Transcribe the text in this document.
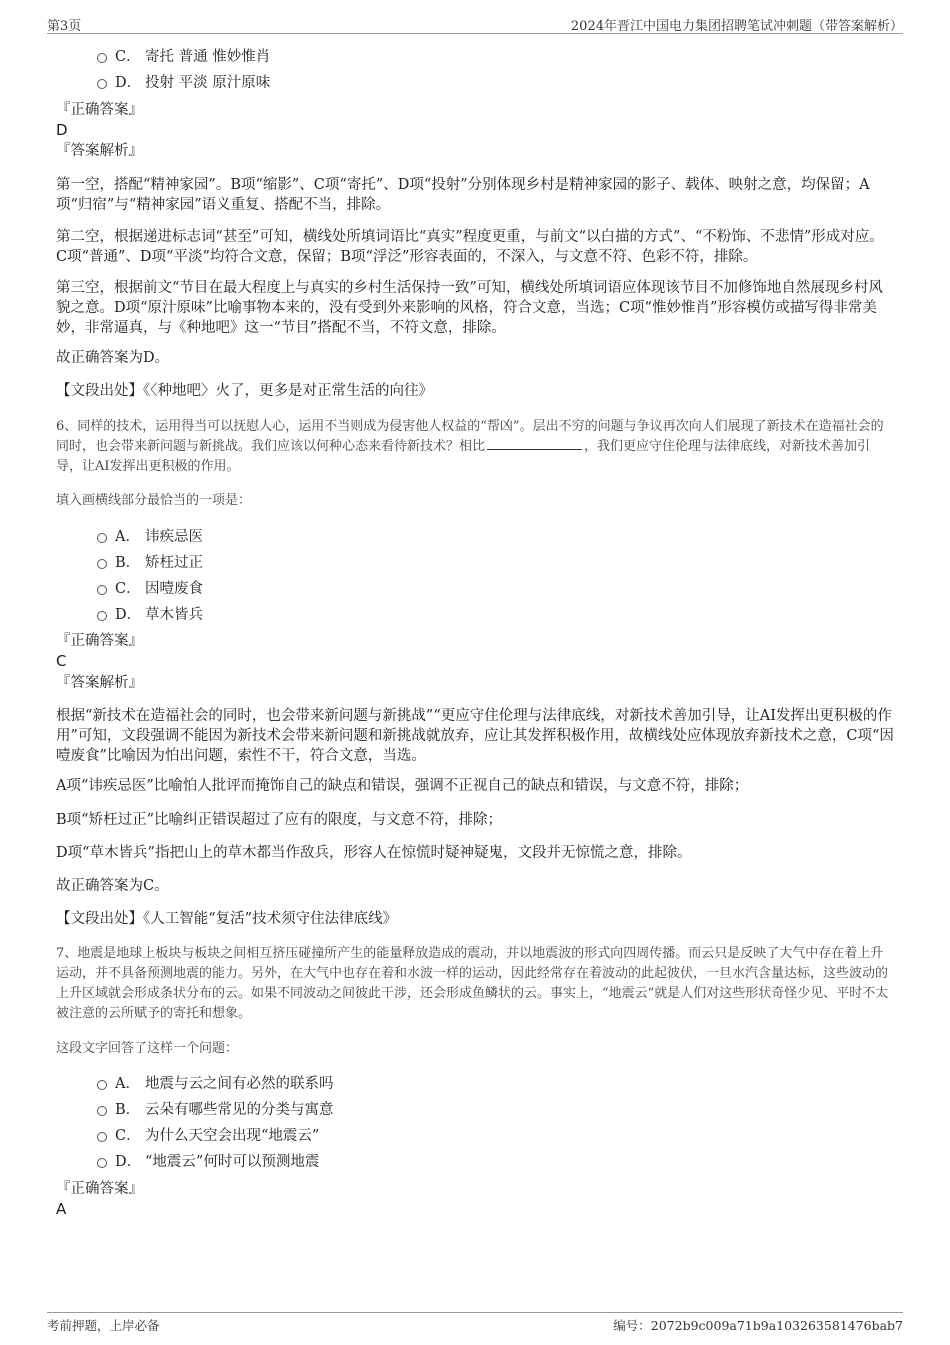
第3页	2024年晋江中国电力集团招聘笔试冲刺题（带答案解析）
C． 寄托 普通 惟妙惟肖
D． 投射 平淡 原汁原味
『正确答案』
D
『答案解析』
第一空，搭配“精神家园”。B项“缩影”、C项“寄托”、D项“投射”分别体现乡村是精神家园的影子、载体、映射之意，均保留；A项“归宿”与“精神家园”语义重复、搭配不当，排除。
第二空，根据递进标志词“甚至”可知，横线处所填词语比“真实”程度更重，与前文“以白描的方式”、“不粉饰、不悲情”形成对应。C项“普通”、D项“平淡”均符合文意，保留；B项“浮泛”形容表面的，不深入，与文意不符、色彩不符，排除。
第三空，根据前文“节目在最大程度上与真实的乡村生活保持一致”可知，横线处所填词语应体现该节目不加修饰地自然展现乡村风貌之意。D项“原汁原味”比喻事物本来的，没有受到外来影响的风格，符合文意，当选；C项“惟妙惟肖”形容模仿或描写得非常美妙，非常逼真，与《种地吧》这一“节目”搭配不当，不符文意，排除。
故正确答案为D。
【文段出处】《〈种地吧〉火了，更多是对正常生活的向往》
6、同样的技术，运用得当可以抚慰人心，运用不当则成为侵害他人权益的“帮凶”。层出不穷的问题与争议再次向人们展现了新技术在造福社会的同时，也会带来新问题与新挑战。我们应该以何种心态来看待新技术？相比	，我们更应守住伦理与法律底线，对新技术善加引导，让AI发挥出更积极的作用。
填入画横线部分最恰当的一项是：
A． 讳疾忌医
B． 矫枉过正
C． 因噎废食
D． 草木皆兵
『正确答案』
C
『答案解析』
根据“新技术在造福社会的同时，也会带来新问题与新挑战”“更应守住伦理与法律底线，对新技术善加引导，让AI发挥出更积极的作用”可知，文段强调不能因为新技术会带来新问题和新挑战就放弃，应让其发挥积极作用，故横线处应体现放弃新技术之意，C项“因噎废食”比喻因为怕出问题，索性不干，符合文意，当选。
A项“讳疾忌医”比喻怕人批评而掩饰自己的缺点和错误，强调不正视自己的缺点和错误，与文意不符，排除；
B项“矫枉过正”比喻纠正错误超过了应有的限度，与文意不符，排除；
D项“草木皆兵”指把山上的草木都当作敌兵，形容人在惊慌时疑神疑鬼，文段并无惊慌之意，排除。
故正确答案为C。
【文段出处】《人工智能“复活”技术须守住法律底线》
7、地震是地球上板块与板块之间相互挤压碰撞所产生的能量释放造成的震动，并以地震波的形式向四周传播。而云只是反映了大气中存在着上升运动，并不具备预测地震的能力。另外，在大气中也存在着和水波一样的运动，因此经常存在着波动的此起彼伏，一旦水汽含量达标，这些波动的上升区域就会形成条状分布的云。如果不同波动之间彼此干涉，还会形成鱼鳞状的云。事实上，“地震云”就是人们对这些形状奇怪少见、平时不太被注意的云所赋予的寄托和想象。
这段文字回答了这样一个问题：
A． 地震与云之间有必然的联系吗
B． 云朵有哪些常见的分类与寓意
C． 为什么天空会出现“地震云”
D． “地震云”何时可以预测地震
『正确答案』
A
考前押题，上岸必备	编号：2072b9c009a71b9a103263581476bab7
